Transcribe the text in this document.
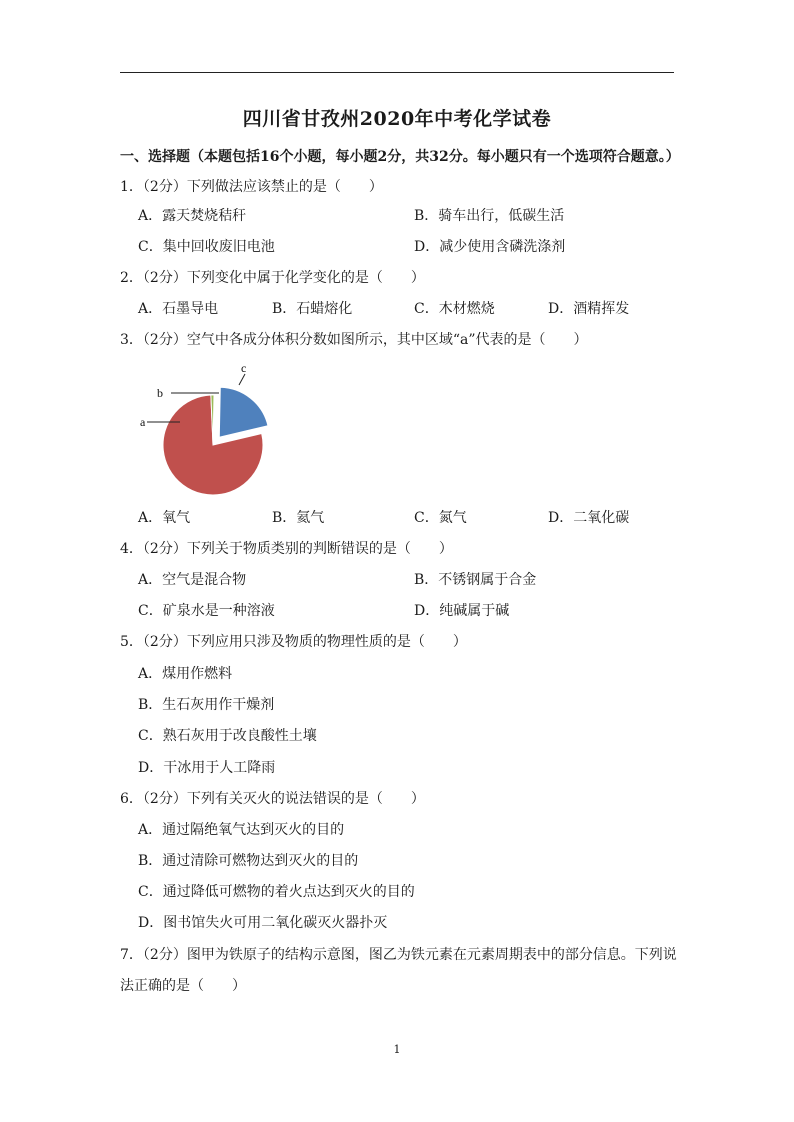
四川省甘孜州2020年中考化学试卷
一、选择题（本题包括16个小题，每小题2分，共32分。每小题只有一个选项符合题意。）
1．（2分）下列做法应该禁止的是（　　）
A．露天焚烧秸秆	B．骑车出行，低碳生活
C．集中回收废旧电池	D．减少使用含磷洗涤剂
2．（2分）下列变化中属于化学变化的是（　　）
A．石墨导电	B．石蜡熔化	C．木材燃烧	D．酒精挥发
3．（2分）空气中各成分体积分数如图所示，其中区域“a”代表的是（　　）
a
b
c
A．氧气	B．氦气	C．氮气	D．二氧化碳
4．（2分）下列关于物质类别的判断错误的是（　　）
A．空气是混合物	B．不锈钢属于合金
C．矿泉水是一种溶液	D．纯碱属于碱
5．（2分）下列应用只涉及物质的物理性质的是（　　）
A．煤用作燃料
B．生石灰用作干燥剂
C．熟石灰用于改良酸性土壤
D．干冰用于人工降雨
6．（2分）下列有关灭火的说法错误的是（　　）
A．通过隔绝氧气达到灭火的目的
B．通过清除可燃物达到灭火的目的
C．通过降低可燃物的着火点达到灭火的目的
D．图书馆失火可用二氧化碳灭火器扑灭
7．（2分）图甲为铁原子的结构示意图，图乙为铁元素在元素周期表中的部分信息。下列说
法正确的是（　　）
1
